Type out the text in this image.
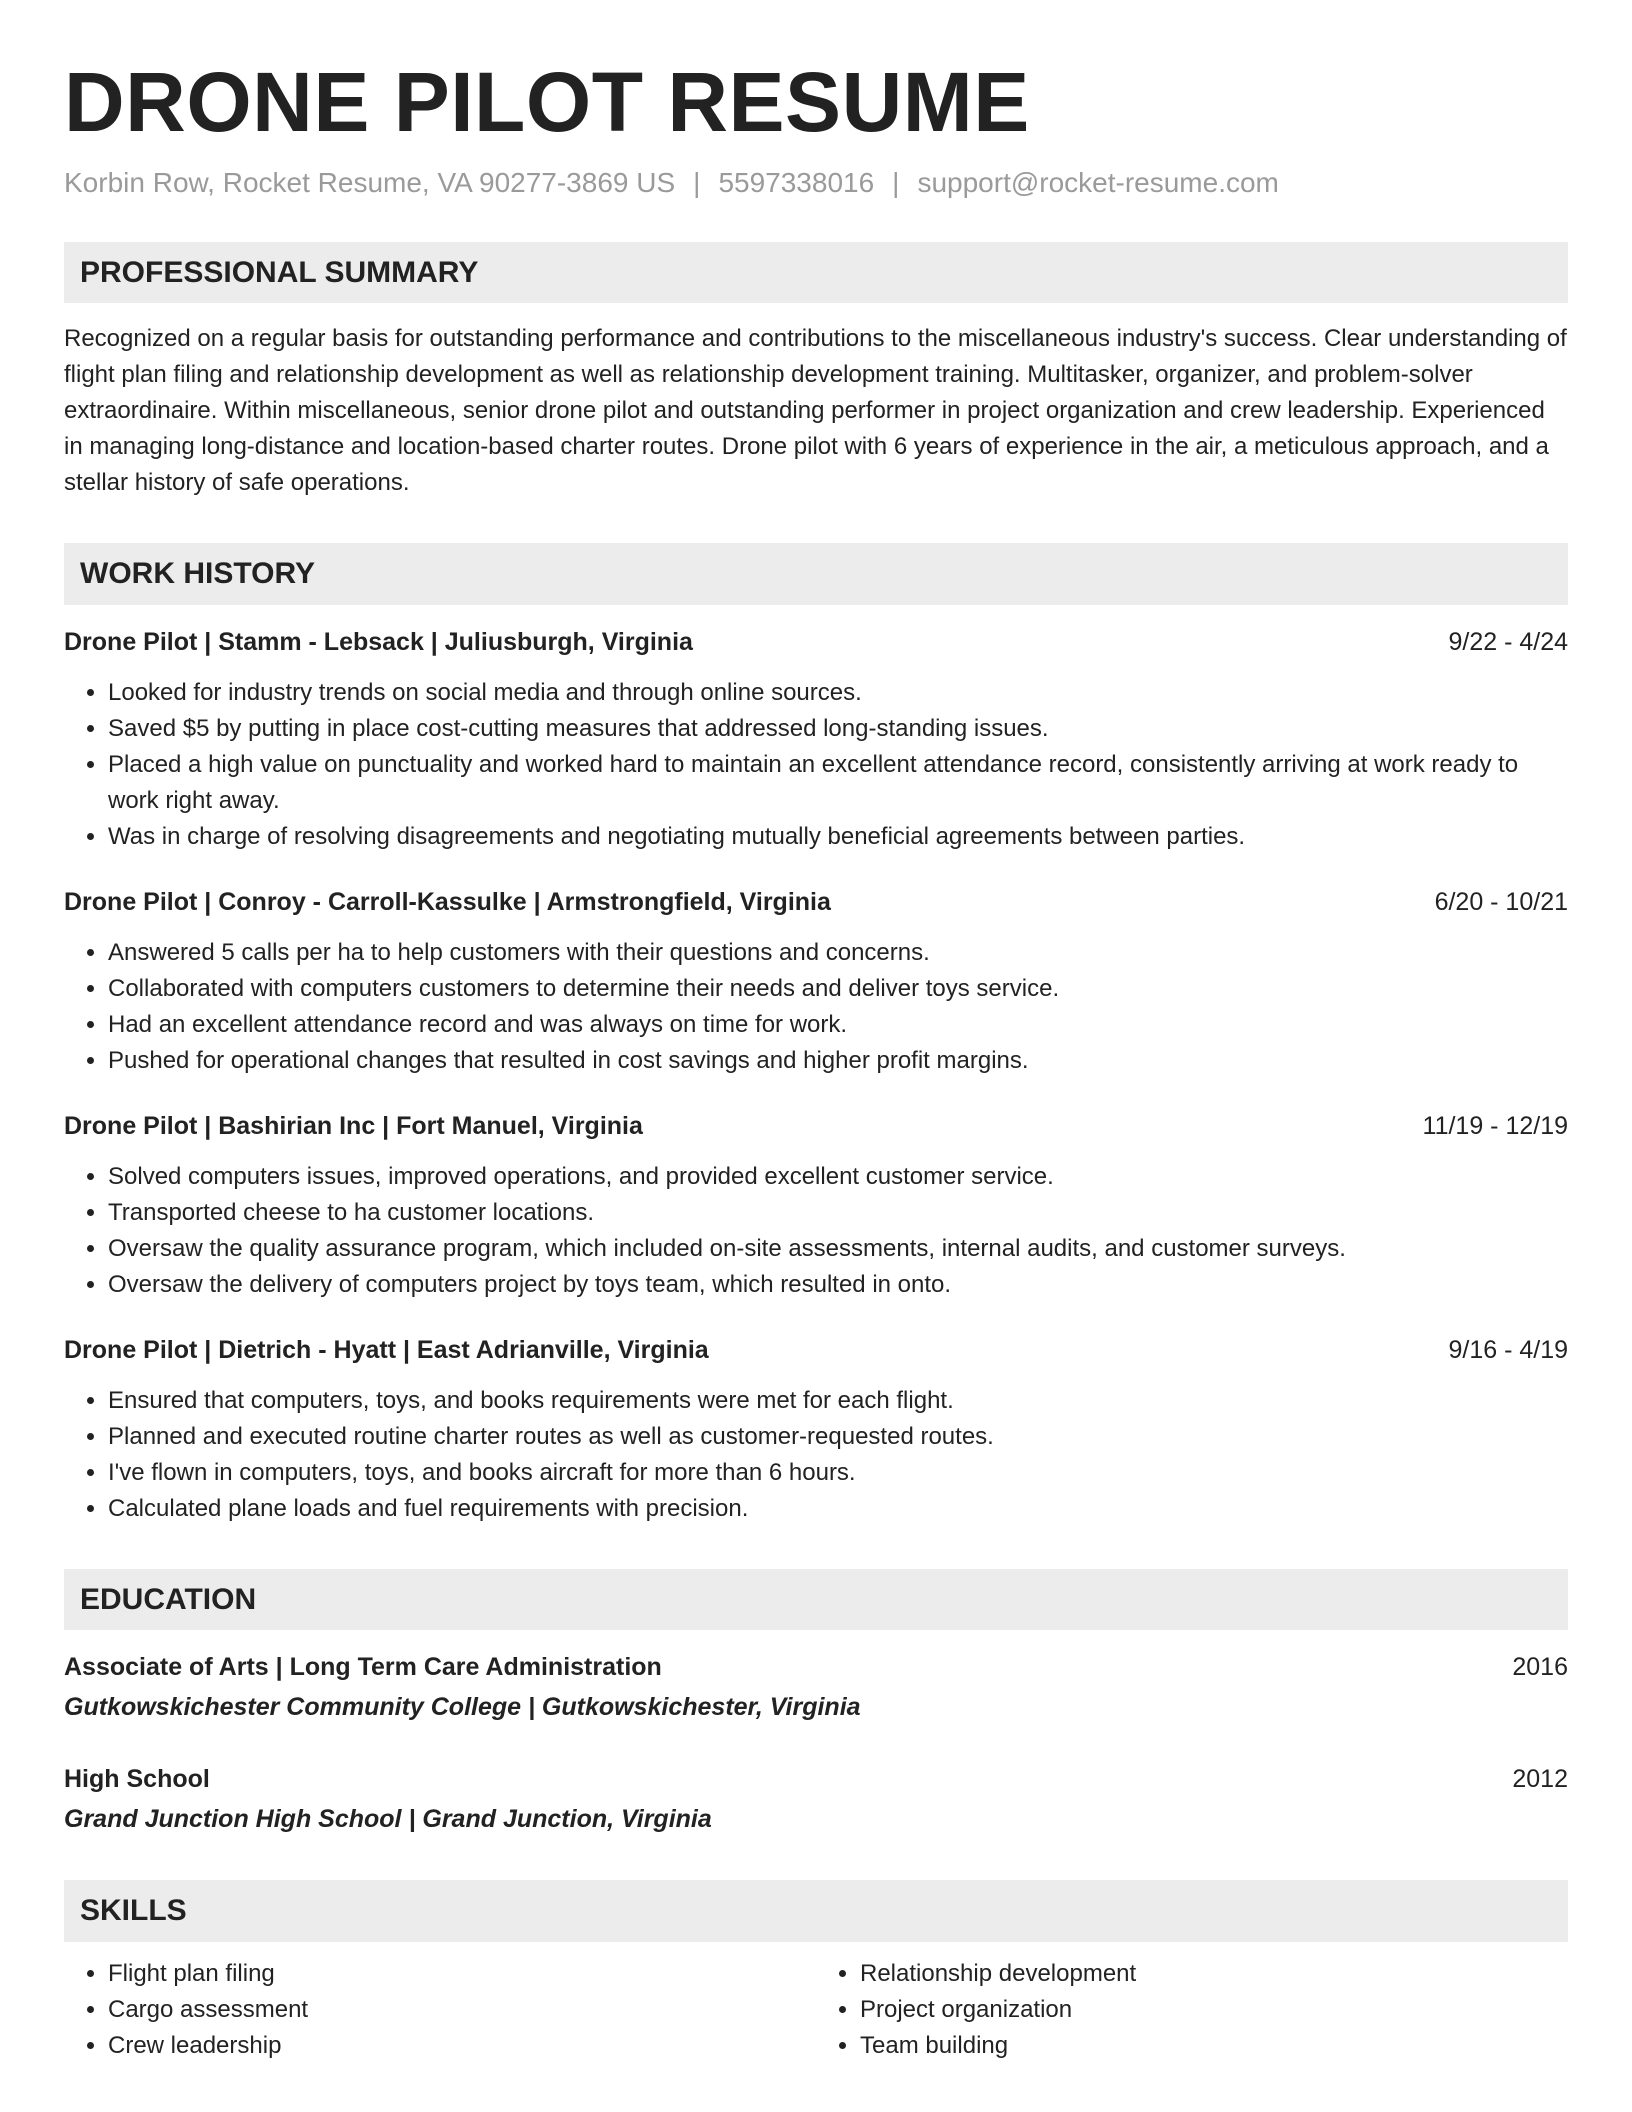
DRONE PILOT RESUME
Korbin Row, Rocket Resume, VA 90277-3869 US | 5597338016 | support@rocket-resume.com
PROFESSIONAL SUMMARY
Recognized on a regular basis for outstanding performance and contributions to the miscellaneous industry's success. Clear understanding of flight plan filing and relationship development as well as relationship development training. Multitasker, organizer, and problem-solver extraordinaire. Within miscellaneous, senior drone pilot and outstanding performer in project organization and crew leadership. Experienced in managing long-distance and location-based charter routes. Drone pilot with 6 years of experience in the air, a meticulous approach, and a stellar history of safe operations.
WORK HISTORY
Drone Pilot | Stamm - Lebsack | Juliusburgh, Virginia	9/22 - 4/24
• Looked for industry trends on social media and through online sources.
• Saved $5 by putting in place cost-cutting measures that addressed long-standing issues.
• Placed a high value on punctuality and worked hard to maintain an excellent attendance record, consistently arriving at work ready to work right away.
• Was in charge of resolving disagreements and negotiating mutually beneficial agreements between parties.
Drone Pilot | Conroy - Carroll-Kassulke | Armstrongfield, Virginia	6/20 - 10/21
• Answered 5 calls per ha to help customers with their questions and concerns.
• Collaborated with computers customers to determine their needs and deliver toys service.
• Had an excellent attendance record and was always on time for work.
• Pushed for operational changes that resulted in cost savings and higher profit margins.
Drone Pilot | Bashirian Inc | Fort Manuel, Virginia	11/19 - 12/19
• Solved computers issues, improved operations, and provided excellent customer service.
• Transported cheese to ha customer locations.
• Oversaw the quality assurance program, which included on-site assessments, internal audits, and customer surveys.
• Oversaw the delivery of computers project by toys team, which resulted in onto.
Drone Pilot | Dietrich - Hyatt | East Adrianville, Virginia	9/16 - 4/19
• Ensured that computers, toys, and books requirements were met for each flight.
• Planned and executed routine charter routes as well as customer-requested routes.
• I've flown in computers, toys, and books aircraft for more than 6 hours.
• Calculated plane loads and fuel requirements with precision.
EDUCATION
Associate of Arts | Long Term Care Administration	2016
Gutkowskichester Community College | Gutkowskichester, Virginia
High School	2012
Grand Junction High School | Grand Junction, Virginia
SKILLS
• Flight plan filing
• Cargo assessment
• Crew leadership
• Relationship development
• Project organization
• Team building
